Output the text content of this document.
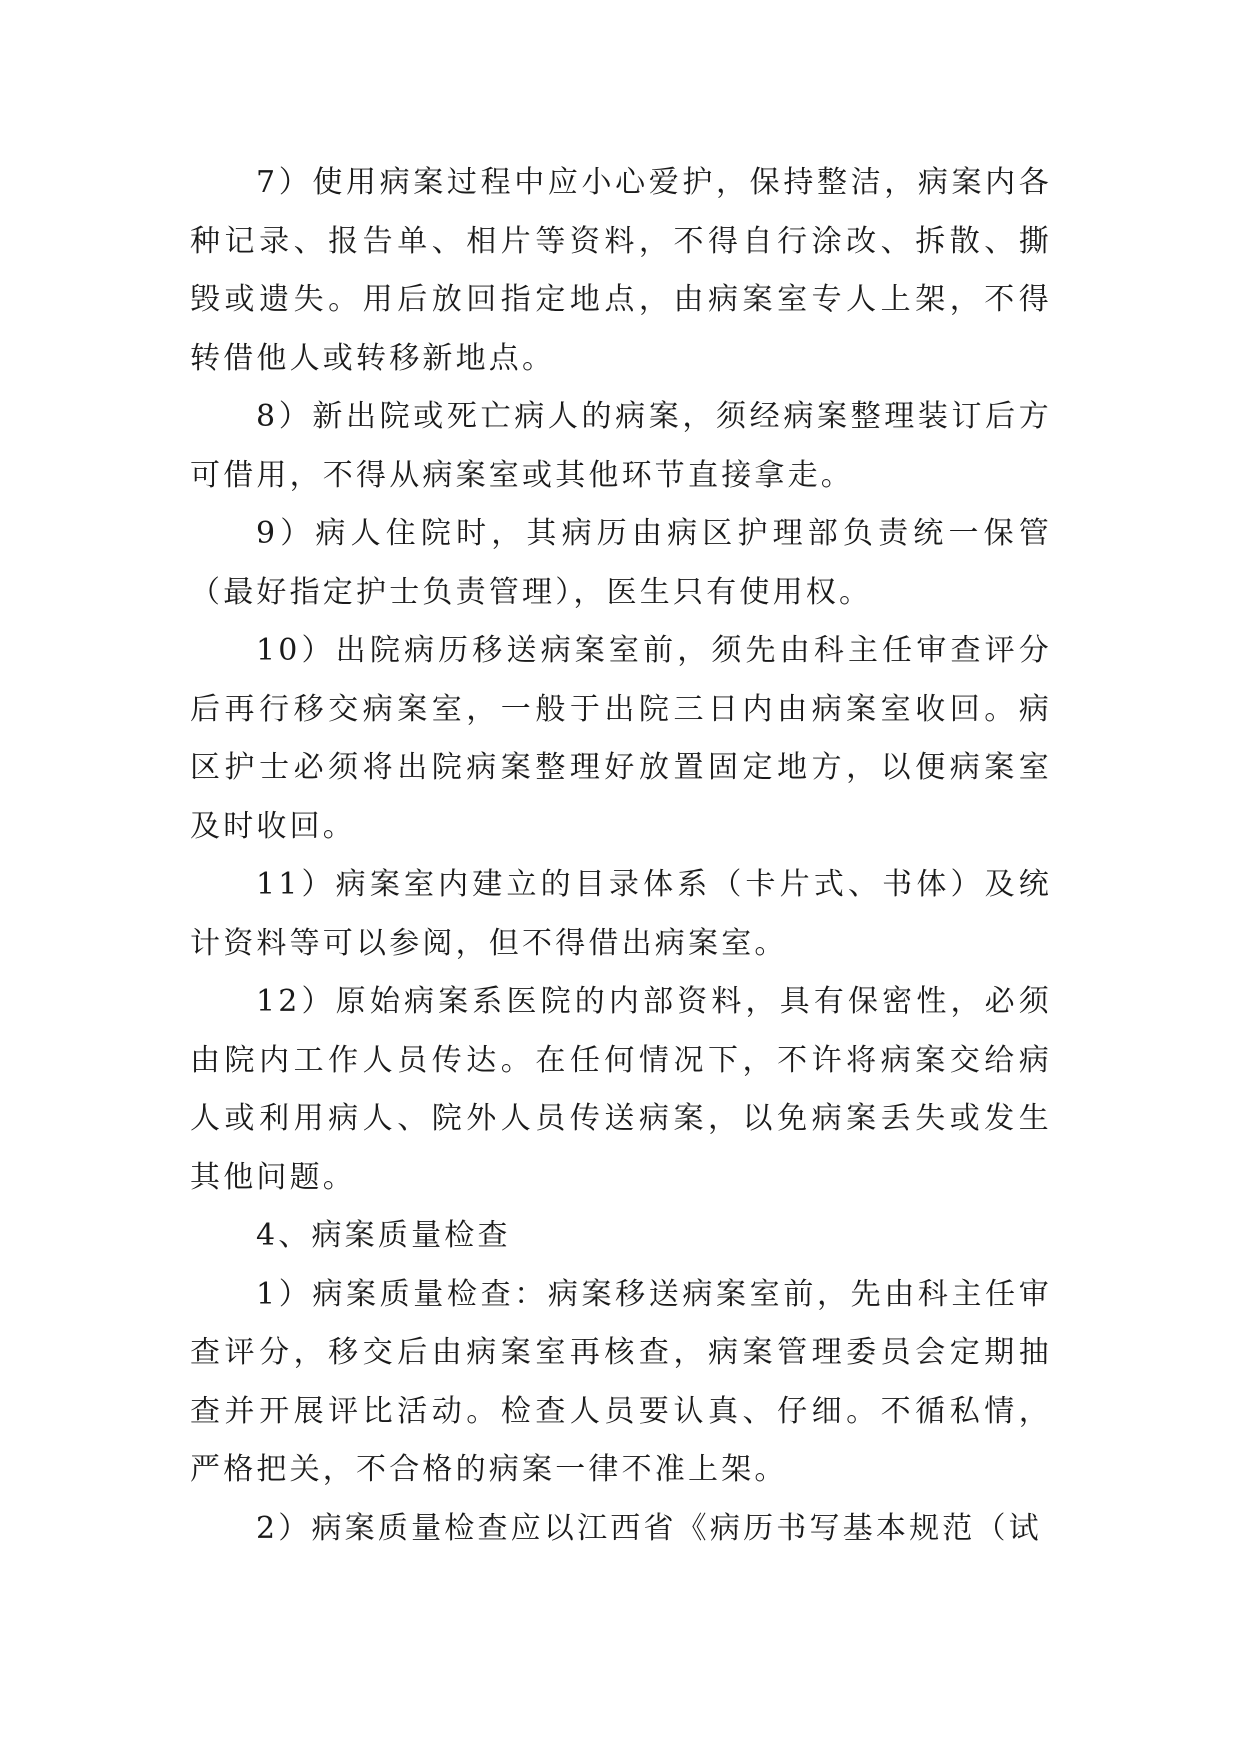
7）使用病案过程中应小心爱护，保持整洁，病案内各种记录、报告单、相片等资料，不得自行涂改、拆散、撕毁或遗失。用后放回指定地点，由病案室专人上架，不得转借他人或转移新地点。

8）新出院或死亡病人的病案，须经病案整理装订后方可借用，不得从病案室或其他环节直接拿走。

9）病人住院时，其病历由病区护理部负责统一保管（最好指定护士负责管理），医生只有使用权。

10）出院病历移送病案室前，须先由科主任审查评分后再行移交病案室，一般于出院三日内由病案室收回。病区护士必须将出院病案整理好放置固定地方，以便病案室及时收回。

11）病案室内建立的目录体系（卡片式、书体）及统计资料等可以参阅，但不得借出病案室。

12）原始病案系医院的内部资料，具有保密性，必须由院内工作人员传达。在任何情况下，不许将病案交给病人或利用病人、院外人员传送病案，以免病案丢失或发生其他问题。

4、病案质量检查

1）病案质量检查：病案移送病案室前，先由科主任审查评分，移交后由病案室再核查，病案管理委员会定期抽查并开展评比活动。检查人员要认真、仔细。不循私情，严格把关，不合格的病案一律不准上架。

2）病案质量检查应以江西省《病历书写基本规范（试
